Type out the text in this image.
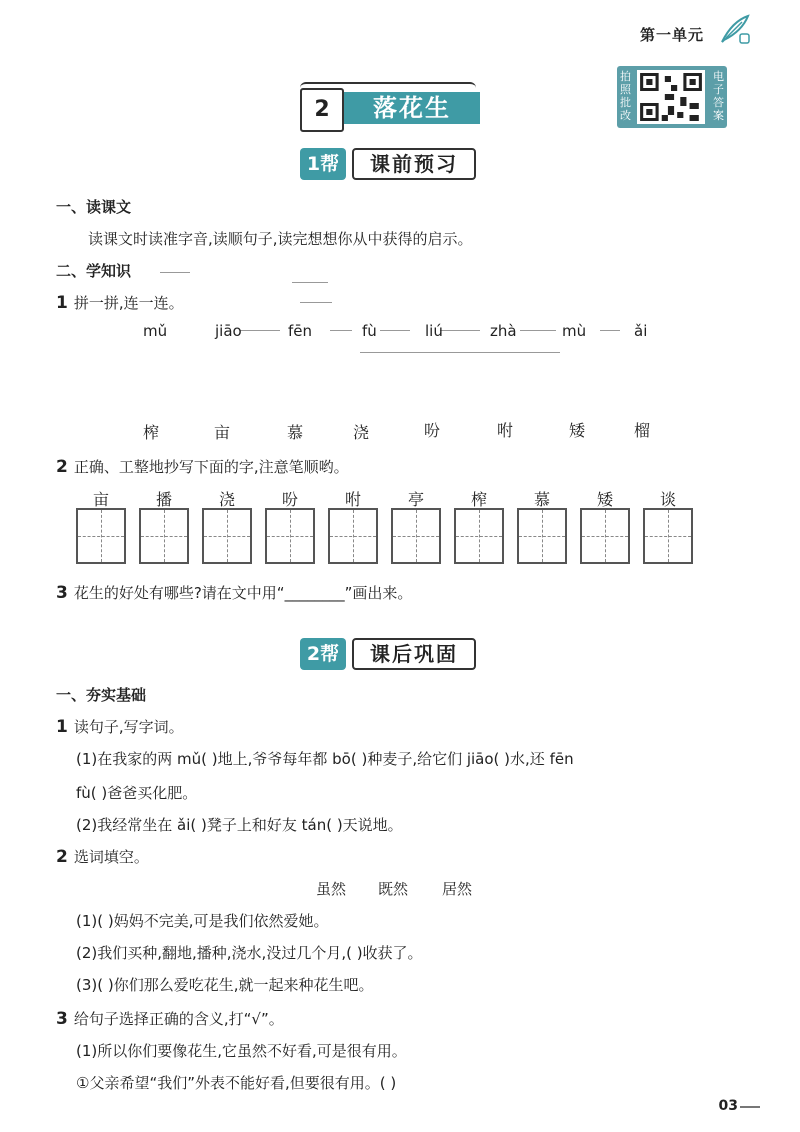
第一单元
拍照批改
电子答案
2	落花生
1帮	课前预习
一、读课文
读课文时读准字音,读顺句子,读完想想你从中获得的启示。
二、学知识
1 拼一拼,连一连。
mǔ	jiāo	fēn	fù	liú	zhà	mù	ǎi
榨	亩	慕	浇	吩	咐	矮	榴
2 正确、工整地抄写下面的字,注意笔顺哟。
亩	播	浇	吩	咐	亭	榨	慕	矮	谈
3 花生的好处有哪些?请在文中用“________”画出来。
2帮	课后巩固
一、夯实基础
1 读句子,写字词。
(1)在我家的两 mǔ( )地上,爷爷每年都 bō( )种麦子,给它们 jiāo( )水,还 fēn
fù( )爸爸买化肥。
(2)我经常坐在 ǎi( )凳子上和好友 tán( )天说地。
2 选词填空。
虽然 既然 居然
(1)( )妈妈不完美,可是我们依然爱她。
(2)我们买种,翻地,播种,浇水,没过几个月,( )收获了。
(3)( )你们那么爱吃花生,就一起来种花生吧。
3 给句子选择正确的含义,打“√”。
(1)所以你们要像花生,它虽然不好看,可是很有用。
①父亲希望“我们”外表不能好看,但要很有用。( )
03
